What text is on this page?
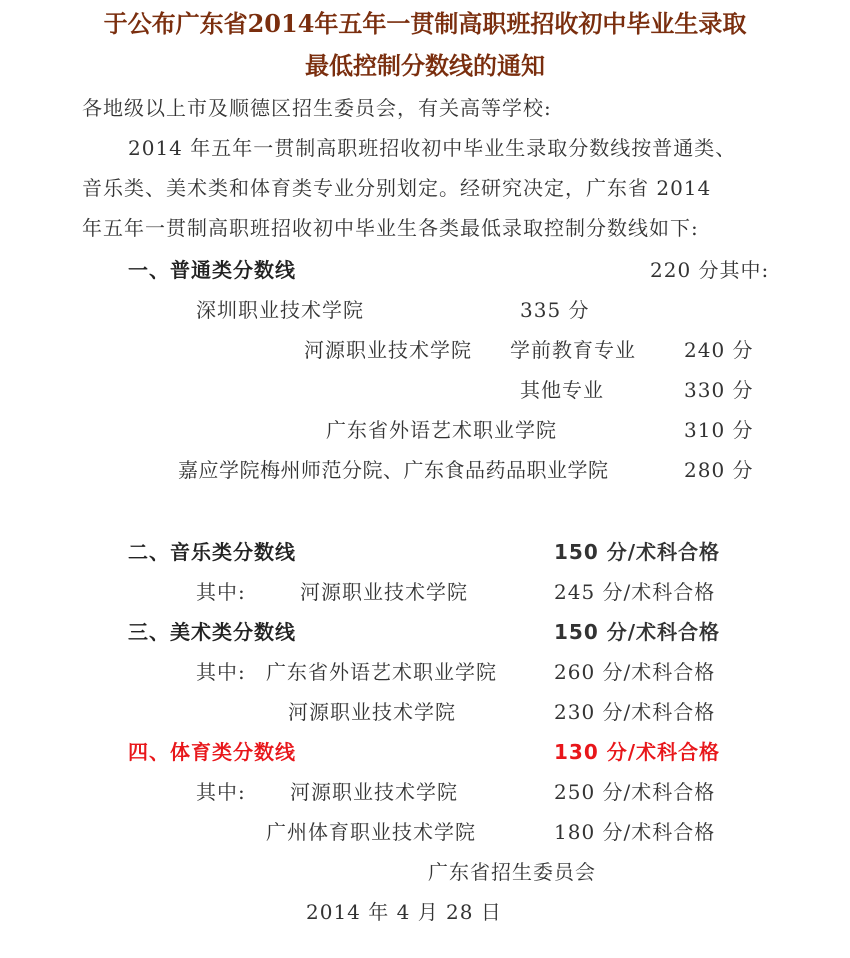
于公布广东省2014年五年一贯制高职班招收初中毕业生录取
最低控制分数线的通知
各地级以上市及顺德区招生委员会，有关高等学校:
2014 年五年一贯制高职班招收初中毕业生录取分数线按普通类、
音乐类、美术类和体育类专业分别划定。经研究决定，广东省 2014
年五年一贯制高职班招收初中毕业生各类最低录取控制分数线如下:
一、普通类分数线	220 分其中:
深圳职业技术学院	335 分
河源职业技术学院 学前教育专业 240 分
其他专业	330 分
广东省外语艺术职业学院	310 分
嘉应学院梅州师范分院、广东食品药品职业学院	280 分
二、音乐类分数线	150 分/术科合格
其中:	河源职业技术学院	245 分/术科合格
三、美术类分数线	150 分/术科合格
其中: 广东省外语艺术职业学院	260 分/术科合格
河源职业技术学院	230 分/术科合格
四、体育类分数线	130 分/术科合格
其中: 河源职业技术学院	250 分/术科合格
广州体育职业技术学院	180 分/术科合格
广东省招生委员会
2014 年 4 月 28 日
